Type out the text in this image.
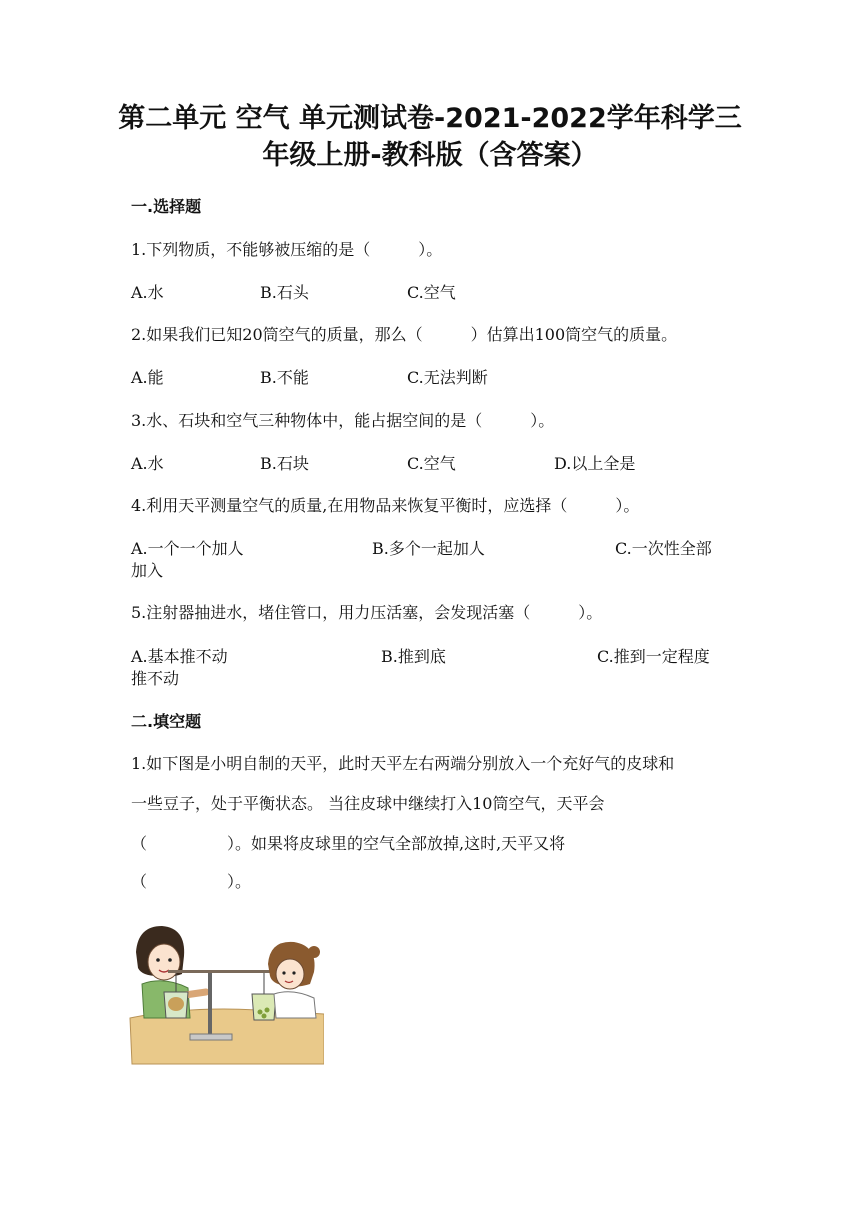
第二单元 空气 单元测试卷-2021-2022学年科学三
年级上册-教科版（含答案）
一.选择题
1.下列物质，不能够被压缩的是（　　　）。
A.水	B.石头	C.空气
2.如果我们已知20筒空气的质量，那么（　　　）估算出100筒空气的质量。
A.能	B.不能	C.无法判断
3.水、石块和空气三种物体中，能占据空间的是（　　　）。
A.水	B.石块	C.空气	D.以上全是
4.利用天平测量空气的质量,在用物品来恢复平衡时，应选择（　　　）。
A.一个一个加人	B.多个一起加人	C.一次性全部
加入
5.注射器抽进水，堵住管口，用力压活塞，会发现活塞（　　　）。
A.基本推不动	B.推到底	C.推到一定程度
推不动
二.填空题
1.如下图是小明自制的天平，此时天平左右两端分别放入一个充好气的皮球和
一些豆子，处于平衡状态。 当往皮球中继续打入10筒空气，天平会
（　　　　　）。如果将皮球里的空气全部放掉,这时,天平又将
（　　　　　）。
